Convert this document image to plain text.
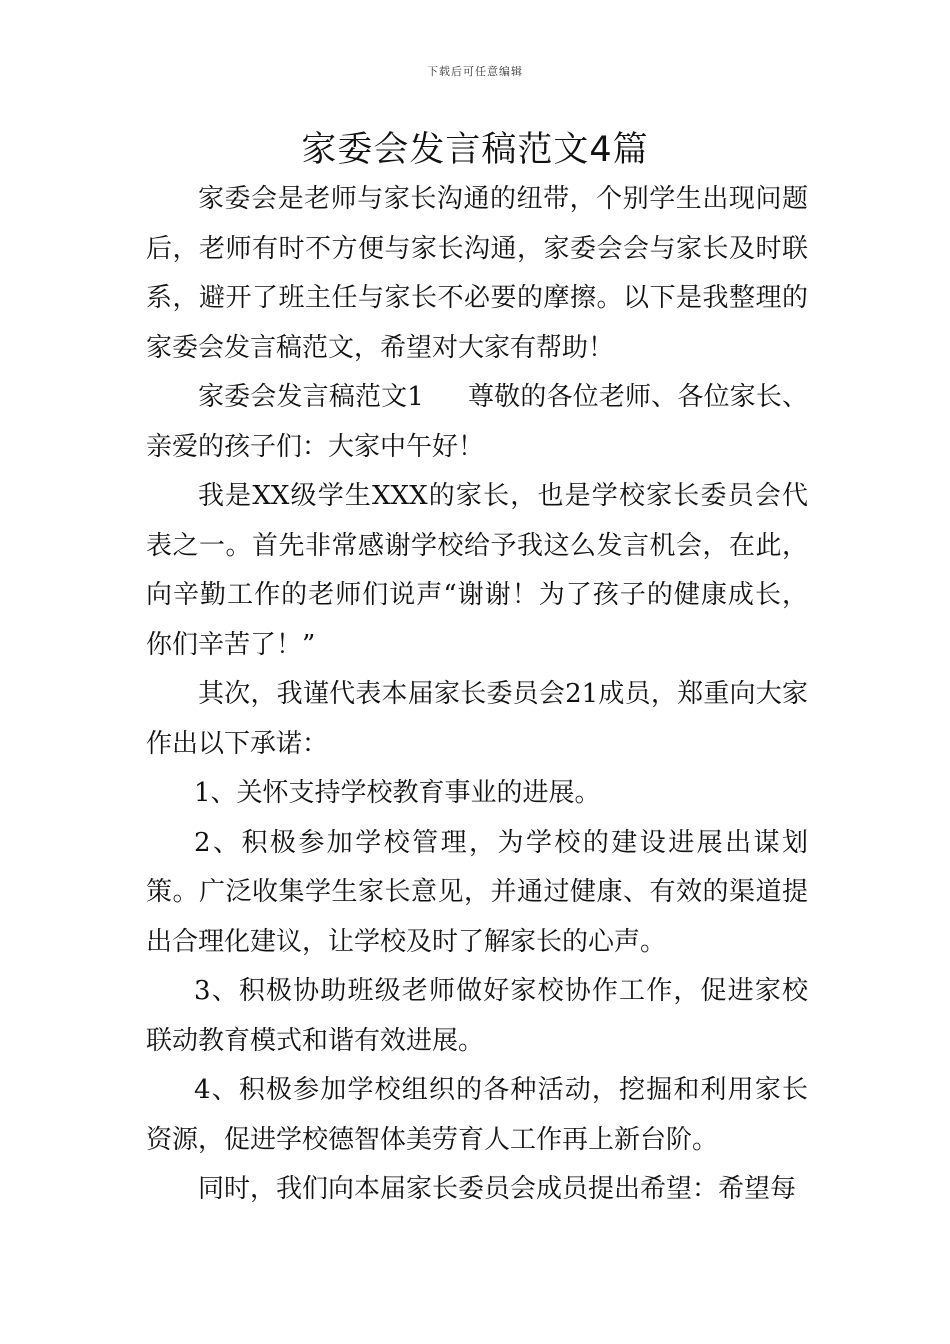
下载后可任意编辑
家委会发言稿范文4篇

家委会是老师与家长沟通的纽带，个别学生出现问题后，老师有时不方便与家长沟通，家委会会与家长及时联系，避开了班主任与家长不必要的摩擦。以下是我整理的家委会发言稿范文，希望对大家有帮助！

家委会发言稿范文1 尊敬的各位老师、各位家长、亲爱的孩子们：大家中午好！

我是XX级学生XXX的家长，也是学校家长委员会代表之一。首先非常感谢学校给予我这么发言机会，在此，向辛勤工作的老师们说声“谢谢！为了孩子的健康成长，你们辛苦了！”

其次，我谨代表本届家长委员会21成员，郑重向大家作出以下承诺：

1、关怀支持学校教育事业的进展。

2、积极参加学校管理，为学校的建设进展出谋划策。广泛收集学生家长意见，并通过健康、有效的渠道提出合理化建议，让学校及时了解家长的心声。

3、积极协助班级老师做好家校协作工作，促进家校联动教育模式和谐有效进展。

4、积极参加学校组织的各种活动，挖掘和利用家长资源，促进学校德智体美劳育人工作再上新台阶。

同时，我们向本届家长委员会成员提出希望：希望每
